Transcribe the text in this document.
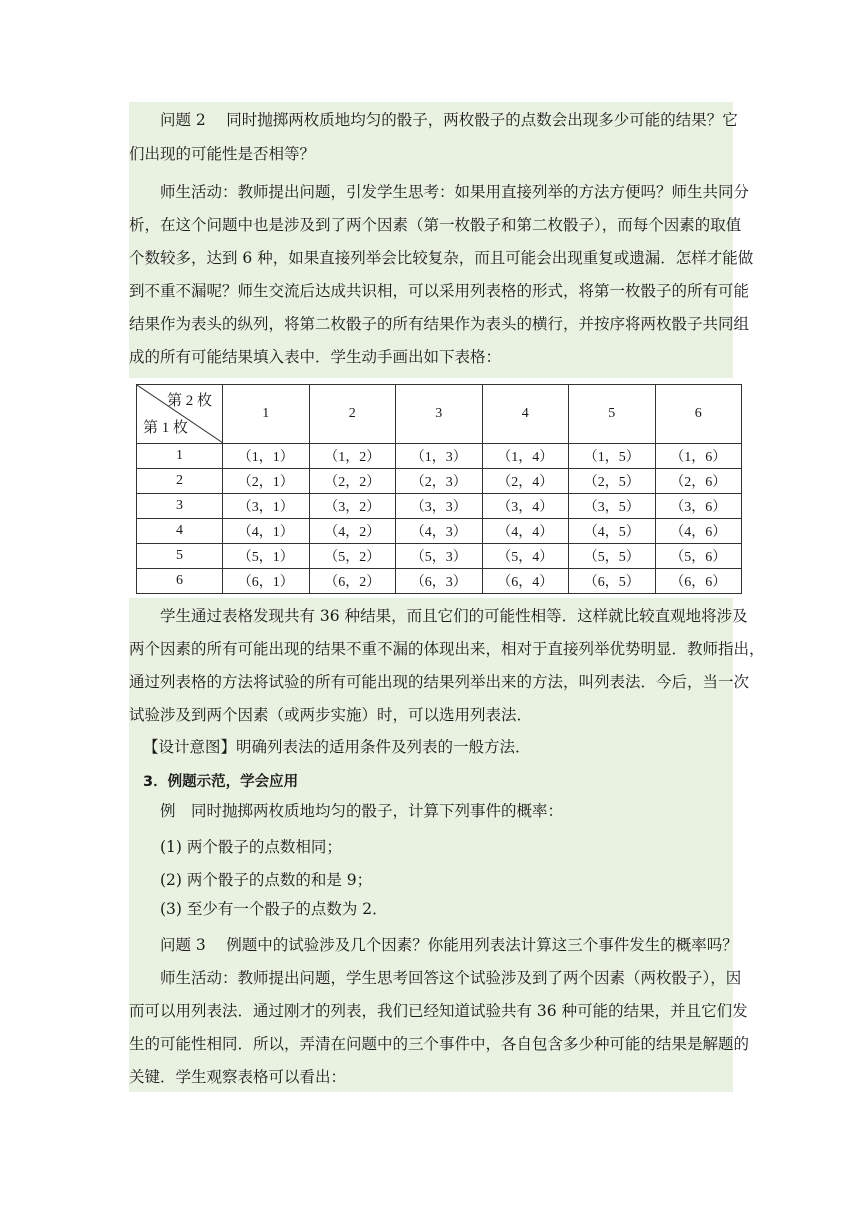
问题 2　 同时抛掷两枚质地均匀的骰子，两枚骰子的点数会出现多少可能的结果？它
们出现的可能性是否相等？
师生活动：教师提出问题，引发学生思考：如果用直接列举的方法方便吗？师生共同分
析，在这个问题中也是涉及到了两个因素（第一枚骰子和第二枚骰子），而每个因素的取值
个数较多，达到 6 种，如果直接列举会比较复杂，而且可能会出现重复或遗漏．怎样才能做
到不重不漏呢？师生交流后达成共识相，可以采用列表格的形式，将第一枚骰子的所有可能
结果作为表头的纵列，将第二枚骰子的所有结果作为表头的横行，并按序将两枚骰子共同组
成的所有可能结果填入表中．学生动手画出如下表格：
第 2 枚
第 1 枚	1	2	3	4	5	6
1	（1，1）	（1，2）	（1，3）	（1，4）	（1，5）	（1，6）
2	（2，1）	（2，2）	（2，3）	（2，4）	（2，5）	（2，6）
3	（3，1）	（3，2）	（3，3）	（3，4）	（3，5）	（3，6）
4	（4，1）	（4，2）	（4，3）	（4，4）	（4，5）	（4，6）
5	（5，1）	（5，2）	（5，3）	（5，4）	（5，5）	（5，6）
6	（6，1）	（6，2）	（6，3）	（6，4）	（6，5）	（6，6）
学生通过表格发现共有 36 种结果，而且它们的可能性相等．这样就比较直观地将涉及
两个因素的所有可能出现的结果不重不漏的体现出来，相对于直接列举优势明显．教师指出，
通过列表格的方法将试验的所有可能出现的结果列举出来的方法，叫列表法．今后，当一次
试验涉及到两个因素（或两步实施）时，可以选用列表法．
【设计意图】明确列表法的适用条件及列表的一般方法．
3．例题示范，学会应用
例　同时抛掷两枚质地均匀的骰子，计算下列事件的概率：
(1) 两个骰子的点数相同；
(2) 两个骰子的点数的和是 9；
(3) 至少有一个骰子的点数为 2．
问题 3　 例题中的试验涉及几个因素？你能用列表法计算这三个事件发生的概率吗？
师生活动：教师提出问题，学生思考回答这个试验涉及到了两个因素（两枚骰子），因
而可以用列表法．通过刚才的列表，我们已经知道试验共有 36 种可能的结果，并且它们发
生的可能性相同．所以，弄清在问题中的三个事件中，各自包含多少种可能的结果是解题的
关键．学生观察表格可以看出：
